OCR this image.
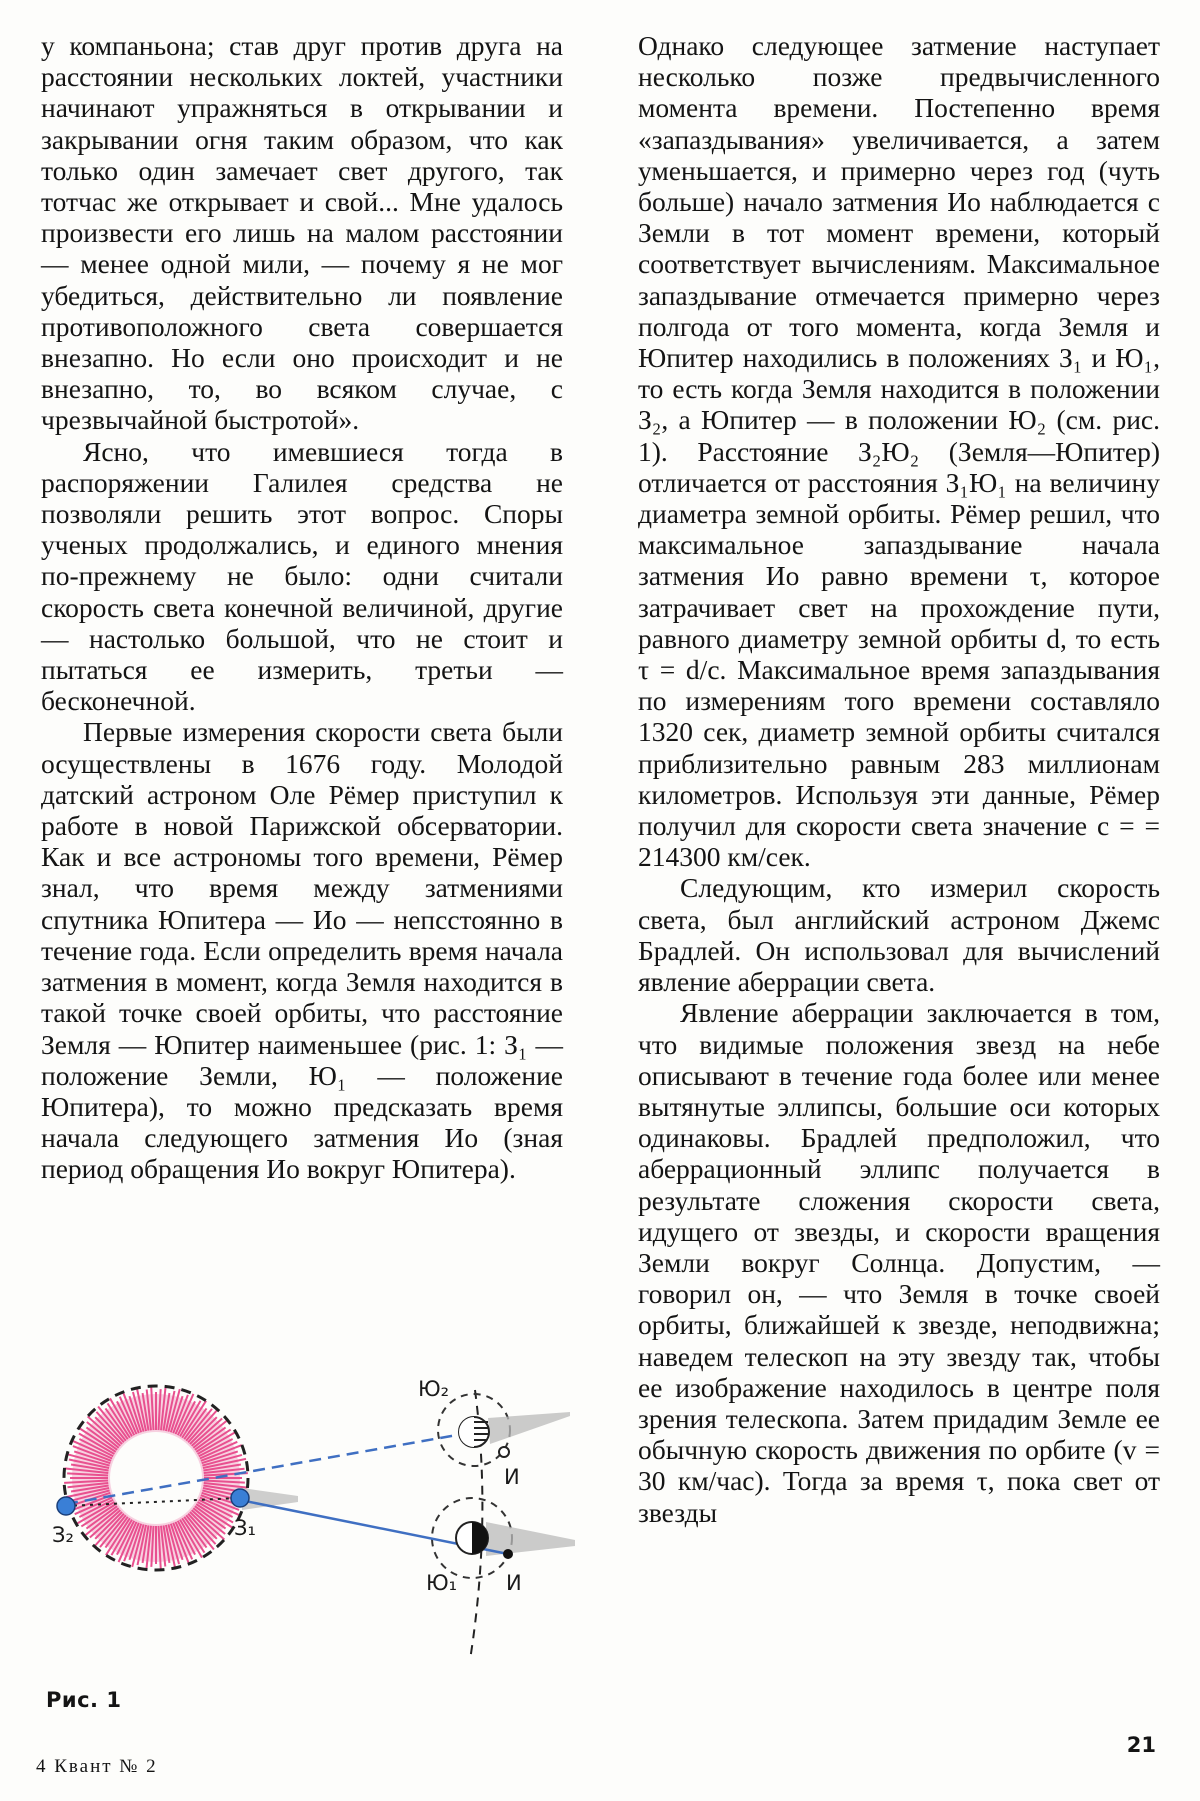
у компаньона; став друг против друга на расстоянии нескольких локтей, участники начинают упражняться в открывании и закрывании огня таким образом, что как только один замечает свет другого, так тотчас же открывает и свой... Мне удалось произвести его лишь на малом расстоянии — менее одной мили, — почему я не мог убедиться, действительно ли появление противоположного света совершается внезапно. Но если оно происходит и не внезапно, то, во всяком случае, с чрезвычайной быстротой».

Ясно, что имевшиеся тогда в распоряжении Галилея средства не позволяли решить этот вопрос. Споры ученых продолжались, и единого мнения по-прежнему не было: одни считали скорость света конечной величиной, другие — настолько большой, что не стоит и пытаться ее измерить, третьи — бесконечной.

Первые измерения скорости света были осуществлены в 1676 году. Молодой датский астроном Оле Рёмер приступил к работе в новой Парижской обсерватории. Как и все астрономы того времени, Рёмер знал, что время между затмениями спутника Юпитера — Ио — непсстоянно в течение года. Если определить время начала затмения в момент, когда Земля находится в такой точке своей орбиты, что расстояние Земля — Юпитер наименьшее (рис. 1: З₁ — положение Земли, Ю₁ — положение Юпитера), то можно предсказать время начала следующего затмения Ио (зная период обращения Ио вокруг Юпитера).

Однако следующее затмение наступает несколько позже предвычисленного момента времени. Постепенно время «запаздывания» увеличивается, а затем уменьшается, и примерно через год (чуть больше) начало затмения Ио наблюдается с Земли в тот момент времени, который соответствует вычислениям. Максимальное запаздывание отмечается примерно через полгода от того момента, когда Земля и Юпитер находились в положениях З₁ и Ю₁, то есть когда Земля находится в положении З₂, а Юпитер — в положении Ю₂ (см. рис. 1). Расстояние З₂Ю₂ (Земля—Юпитер) отличается от расстояния З₁Ю₁ на величину диаметра земной орбиты. Рёмер решил, что максимальное запаздывание начала затмения Ио равно времени τ, которое затрачивает свет на прохождение пути, равного диаметру земной орбиты d, то есть τ = d/c. Максимальное время запаздывания по измерениям того времени составляло 1320 сек, диаметр земной орбиты считался приблизительно равным 283 миллионам километров. Используя эти данные, Рёмер получил для скорости света значение c = = 214300 км/сек.

Следующим, кто измерил скорость света, был английский астроном Джемс Брадлей. Он использовал для вычислений явление аберрации света.

Явление аберрации заключается в том, что видимые положения звезд на небе описывают в течение года более или менее вытянутые эллипсы, большие оси которых одинаковы. Брадлей предположил, что аберрационный эллипс получается в результате сложения скорости света, идущего от звезды, и скорости вращения Земли вокруг Солнца. Допустим, — говорил он, — что Земля в точке своей орбиты, ближайшей к звезде, неподвижна; наведем телескоп на эту звезду так, чтобы ее изображение находилось в центре поля зрения телескопа. Затем придадим Земле ее обычную скорость движения по орбите (v = 30 км/час). Тогда за время τ, пока свет от звезды

З₂	З₁
Ю₂
Ю₁
И
И
Рис. 1
4 Квант № 2
21
